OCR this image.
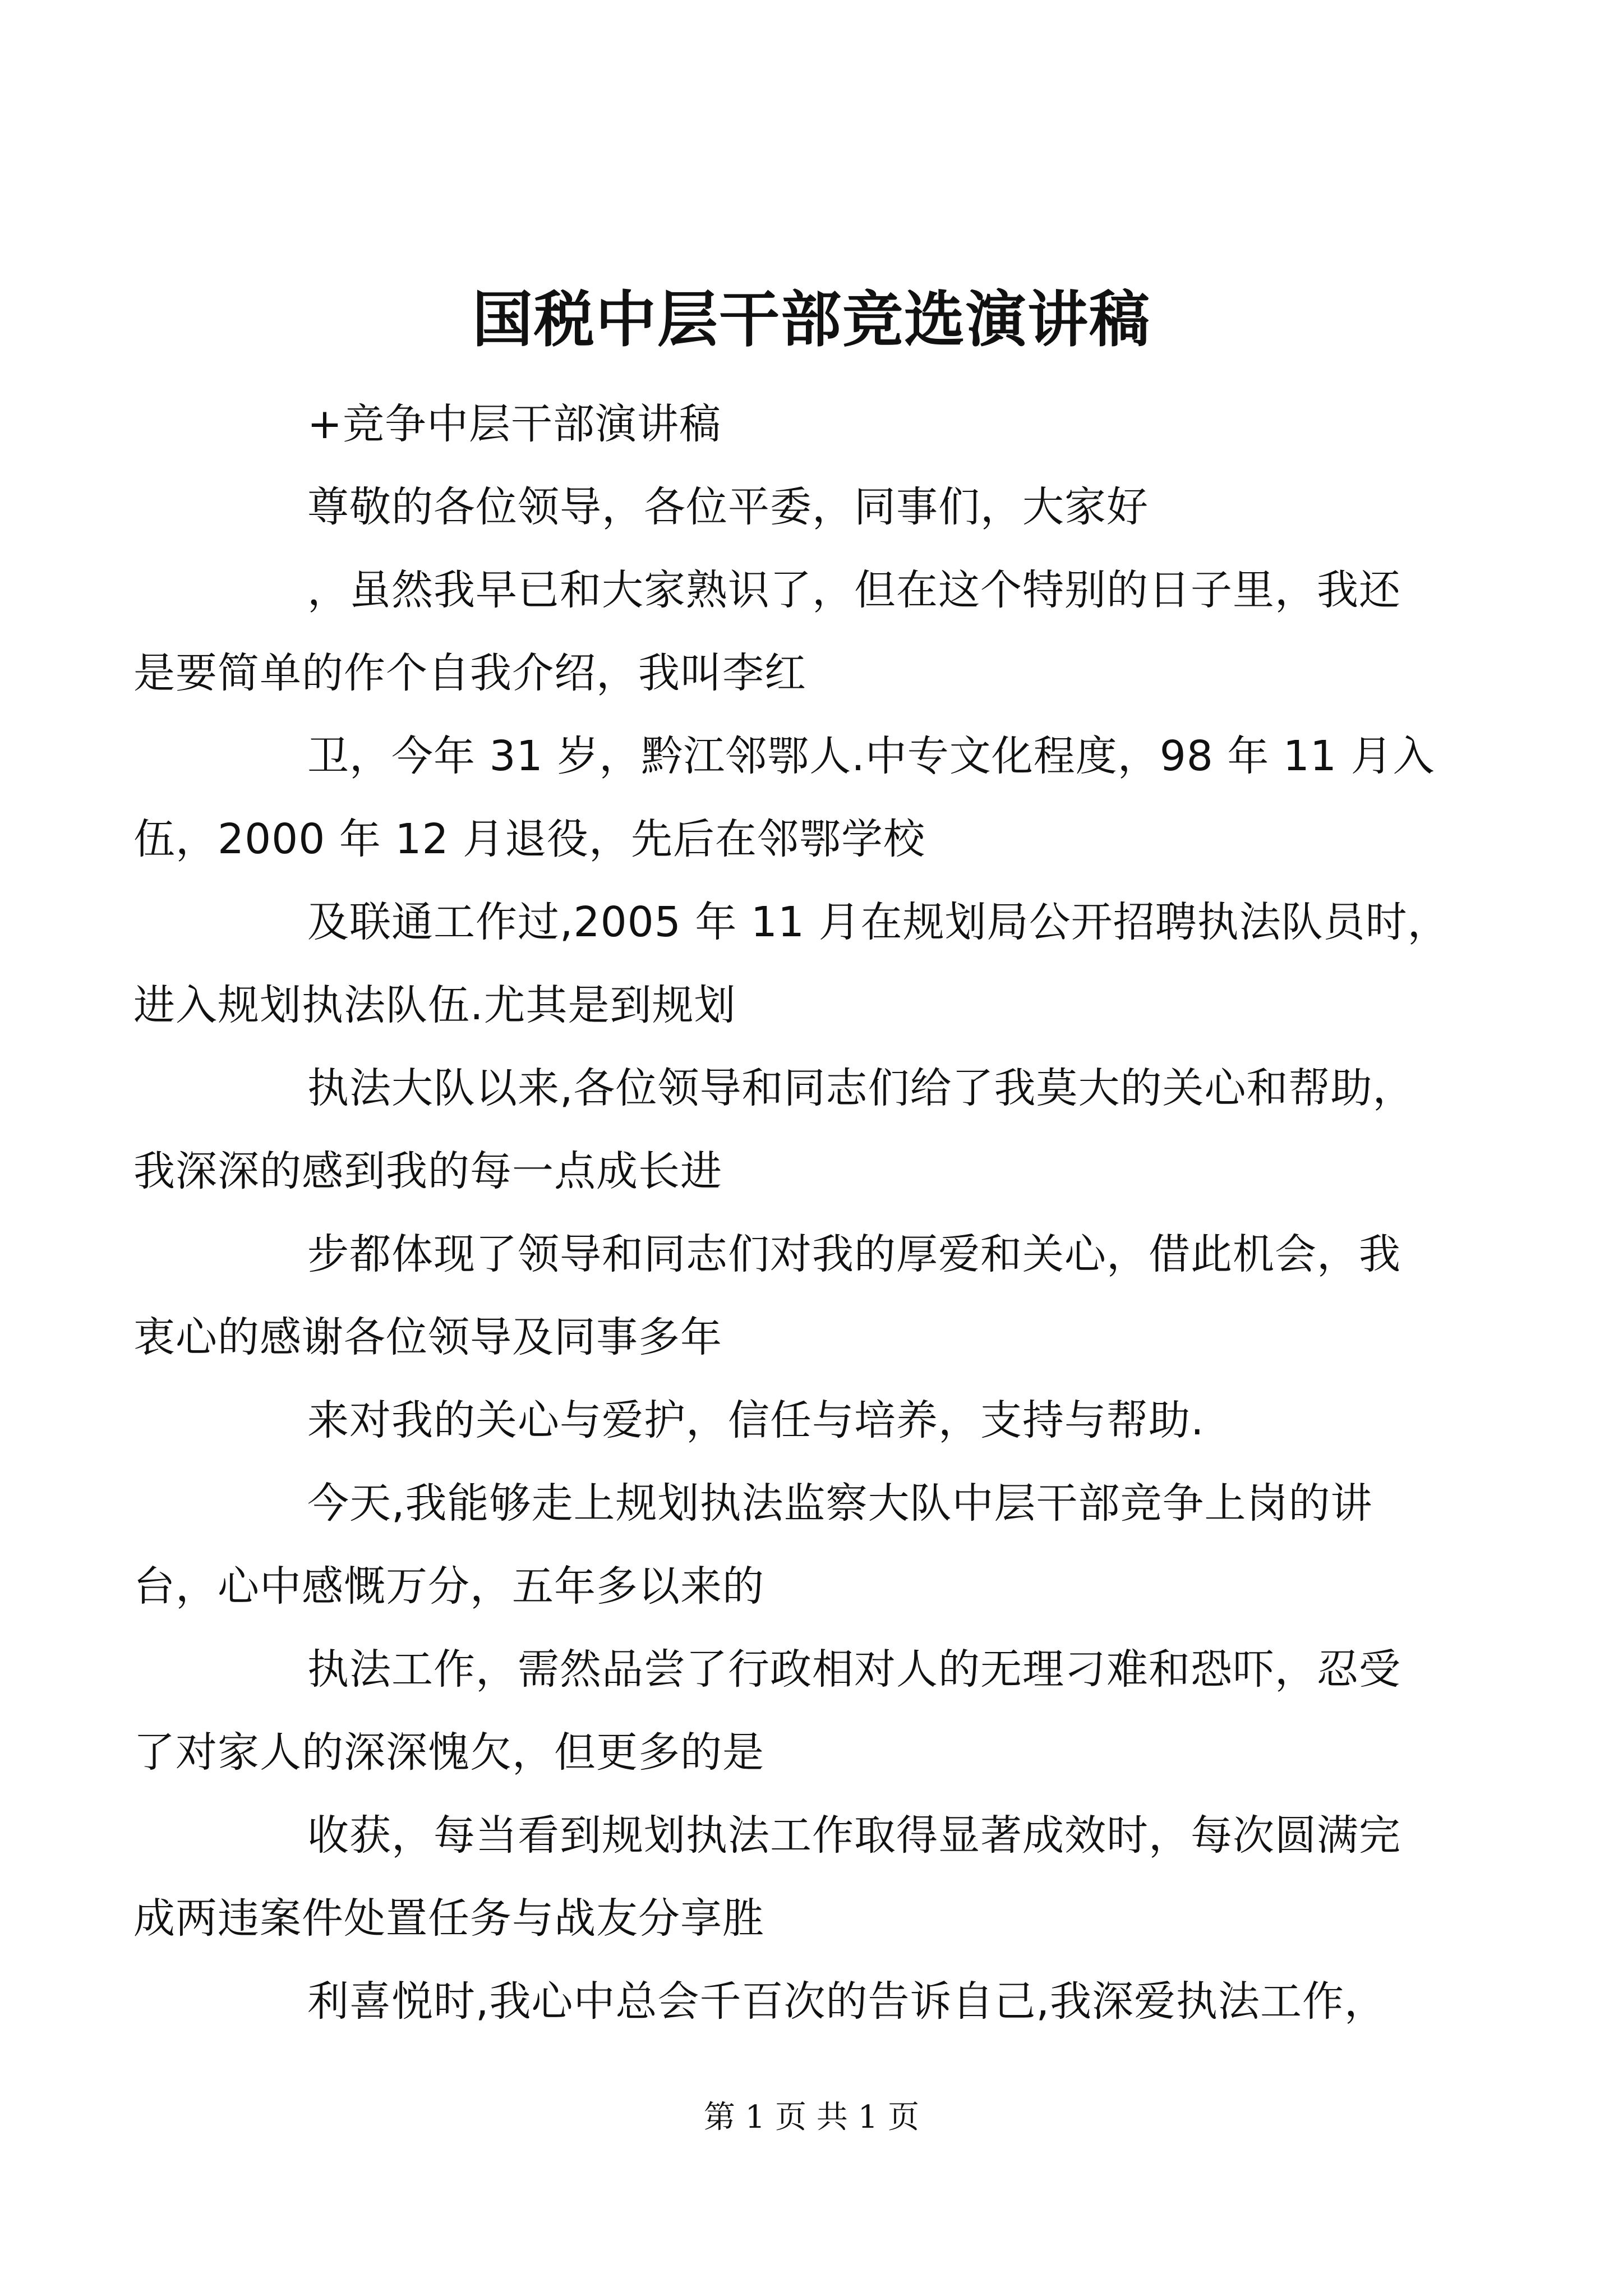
国税中层干部竞选演讲稿

+竞争中层干部演讲稿

尊敬的各位领导，各位平委，同事们，大家好

，虽然我早已和大家熟识了，但在这个特别的日子里，我还
是要简单的作个自我介绍，我叫李红

卫，今年 31 岁，黔江邻鄂人.中专文化程度，98 年 11 月入
伍，2000 年 12 月退役，先后在邻鄂学校

及联通工作过,2005 年 11 月在规划局公开招聘执法队员时，
进入规划执法队伍.尤其是到规划

执法大队以来,各位领导和同志们给了我莫大的关心和帮助，
我深深的感到我的每一点成长进

步都体现了领导和同志们对我的厚爱和关心，借此机会，我
衷心的感谢各位领导及同事多年

来对我的关心与爱护，信任与培养，支持与帮助.

今天,我能够走上规划执法监察大队中层干部竞争上岗的讲
台，心中感慨万分，五年多以来的

执法工作，需然品尝了行政相对人的无理刁难和恐吓，忍受
了对家人的深深愧欠，但更多的是

收获，每当看到规划执法工作取得显著成效时，每次圆满完
成两违案件处置任务与战友分享胜

利喜悦时,我心中总会千百次的告诉自己,我深爱执法工作，

第 1 页 共 1 页
